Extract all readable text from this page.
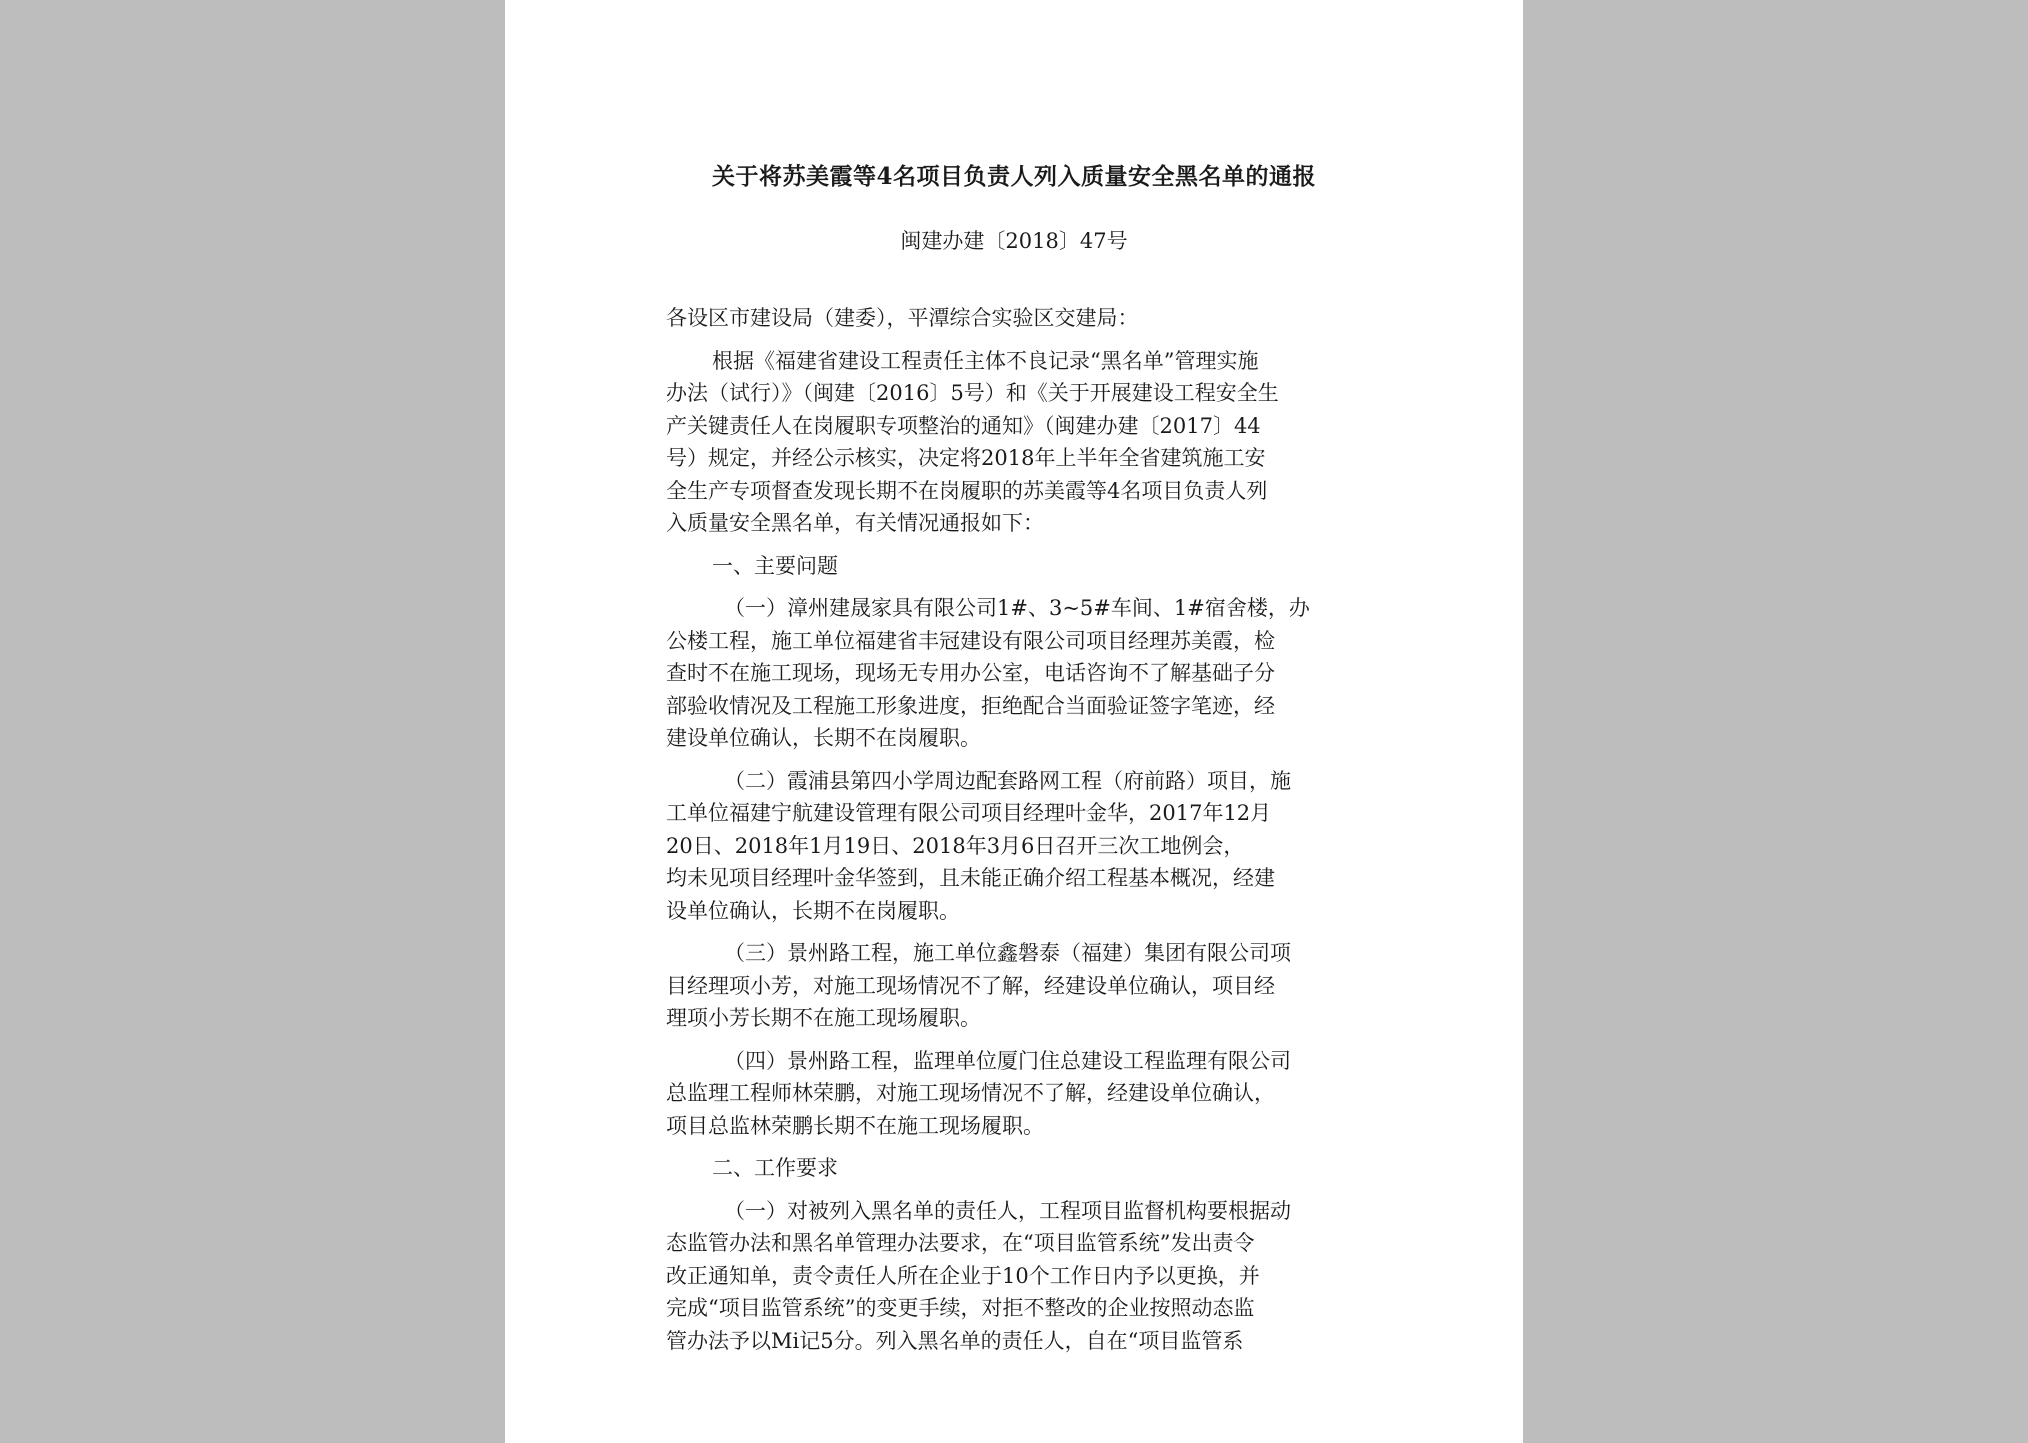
关于将苏美霞等4名项目负责人列入质量安全黑名单的通报
闽建办建〔2018〕47号
各设区市建设局（建委），平潭综合实验区交建局：
根据《福建省建设工程责任主体不良记录“黑名单”管理实施
办法（试行）》（闽建〔2016〕5号）和《关于开展建设工程安全生
产关键责任人在岗履职专项整治的通知》（闽建办建〔2017〕44
号）规定，并经公示核实，决定将2018年上半年全省建筑施工安
全生产专项督查发现长期不在岗履职的苏美霞等4名项目负责人列
入质量安全黑名单，有关情况通报如下：
一、主要问题
（一）漳州建晟家具有限公司1#、3~5#车间、1#宿舍楼，办
公楼工程，施工单位福建省丰冠建设有限公司项目经理苏美霞，检
查时不在施工现场，现场无专用办公室，电话咨询不了解基础子分
部验收情况及工程施工形象进度，拒绝配合当面验证签字笔迹，经
建设单位确认，长期不在岗履职。
（二）霞浦县第四小学周边配套路网工程（府前路）项目，施
工单位福建宁航建设管理有限公司项目经理叶金华，2017年12月
20日、2018年1月19日、2018年3月6日召开三次工地例会，
均未见项目经理叶金华签到，且未能正确介绍工程基本概况，经建
设单位确认，长期不在岗履职。
（三）景州路工程，施工单位鑫磐泰（福建）集团有限公司项
目经理项小芳，对施工现场情况不了解，经建设单位确认，项目经
理项小芳长期不在施工现场履职。
（四）景州路工程，监理单位厦门住总建设工程监理有限公司
总监理工程师林荣鹏，对施工现场情况不了解，经建设单位确认，
项目总监林荣鹏长期不在施工现场履职。
二、工作要求
（一）对被列入黑名单的责任人，工程项目监督机构要根据动
态监管办法和黑名单管理办法要求，在“项目监管系统”发出责令
改正通知单，责令责任人所在企业于10个工作日内予以更换，并
完成“项目监管系统”的变更手续，对拒不整改的企业按照动态监
管办法予以Mi记5分。列入黑名单的责任人，自在“项目监管系
